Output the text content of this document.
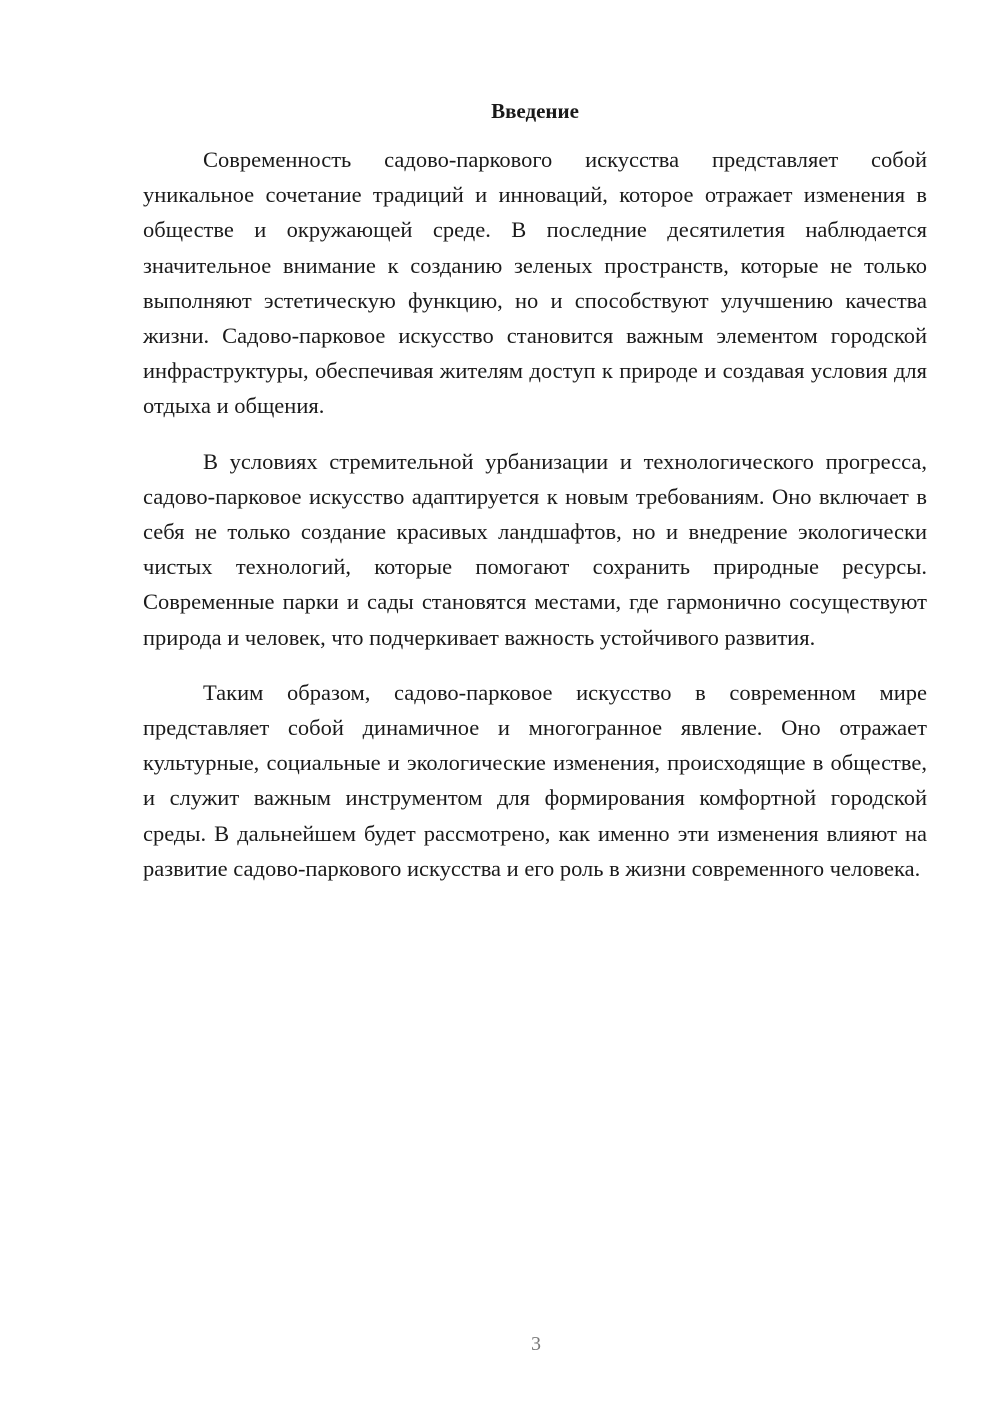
Введение

Современность садово-паркового искусства представляет собой уникальное сочетание традиций и инноваций, которое отражает изменения в обществе и окружающей среде. В последние десятилетия наблюдается значительное внимание к созданию зеленых пространств, которые не только выполняют эстетическую функцию, но и способствуют улучшению качества жизни. Садово-парковое искусство становится важным элементом городской инфраструктуры, обеспечивая жителям доступ к природе и создавая условия для отдыха и общения.

В условиях стремительной урбанизации и технологического прогресса, садово-парковое искусство адаптируется к новым требованиям. Оно включает в себя не только создание красивых ландшафтов, но и внедрение экологически чистых технологий, которые помогают сохранить природные ресурсы. Современные парки и сады становятся местами, где гармонично сосуществуют природа и человек, что подчеркивает важность устойчивого развития.

Таким образом, садово-парковое искусство в современном мире представляет собой динамичное и многогранное явление. Оно отражает культурные, социальные и экологические изменения, происходящие в обществе, и служит важным инструментом для формирования комфортной городской среды. В дальнейшем будет рассмотрено, как именно эти изменения влияют на развитие садово-паркового искусства и его роль в жизни современного человека.

3
